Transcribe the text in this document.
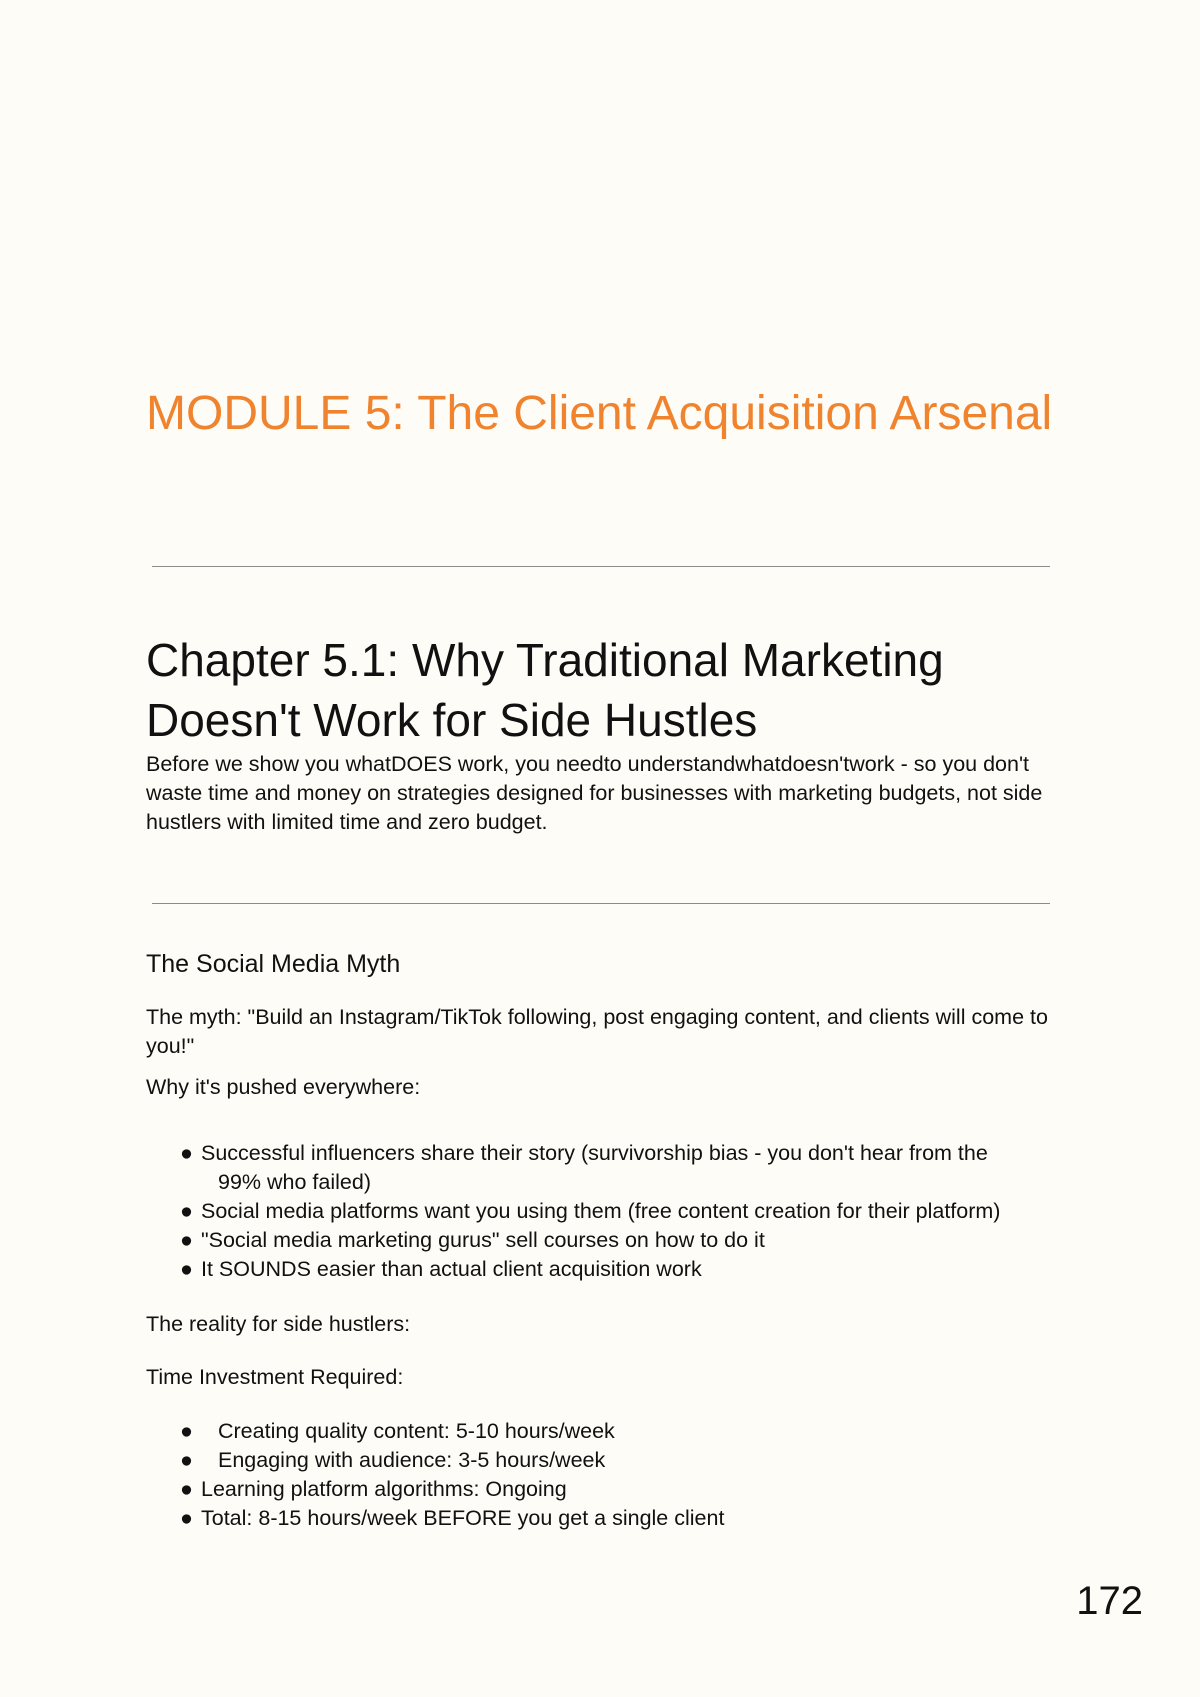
MODULE 5: The Client Acquisition Arsenal
Chapter 5.1: Why Traditional Marketing Doesn't Work for Side Hustles

Before we show you whatDOES work, you needto understandwhatdoesn'twork - so you don't waste time and money on strategies designed for businesses with marketing budgets, not side hustlers with limited time and zero budget.

The Social Media Myth

The myth: "Build an Instagram/TikTok following, post engaging content, and clients will come to you!"

Why it's pushed everywhere:

● Successful influencers share their story (survivorship bias - you don't hear from the
99% who failed)
● Social media platforms want you using them (free content creation for their platform)
● "Social media marketing gurus" sell courses on how to do it
● It SOUNDS easier than actual client acquisition work

The reality for side hustlers:

Time Investment Required:

● Creating quality content: 5-10 hours/week
● Engaging with audience: 3-5 hours/week
● Learning platform algorithms: Ongoing
● Total: 8-15 hours/week BEFORE you get a single client
172
